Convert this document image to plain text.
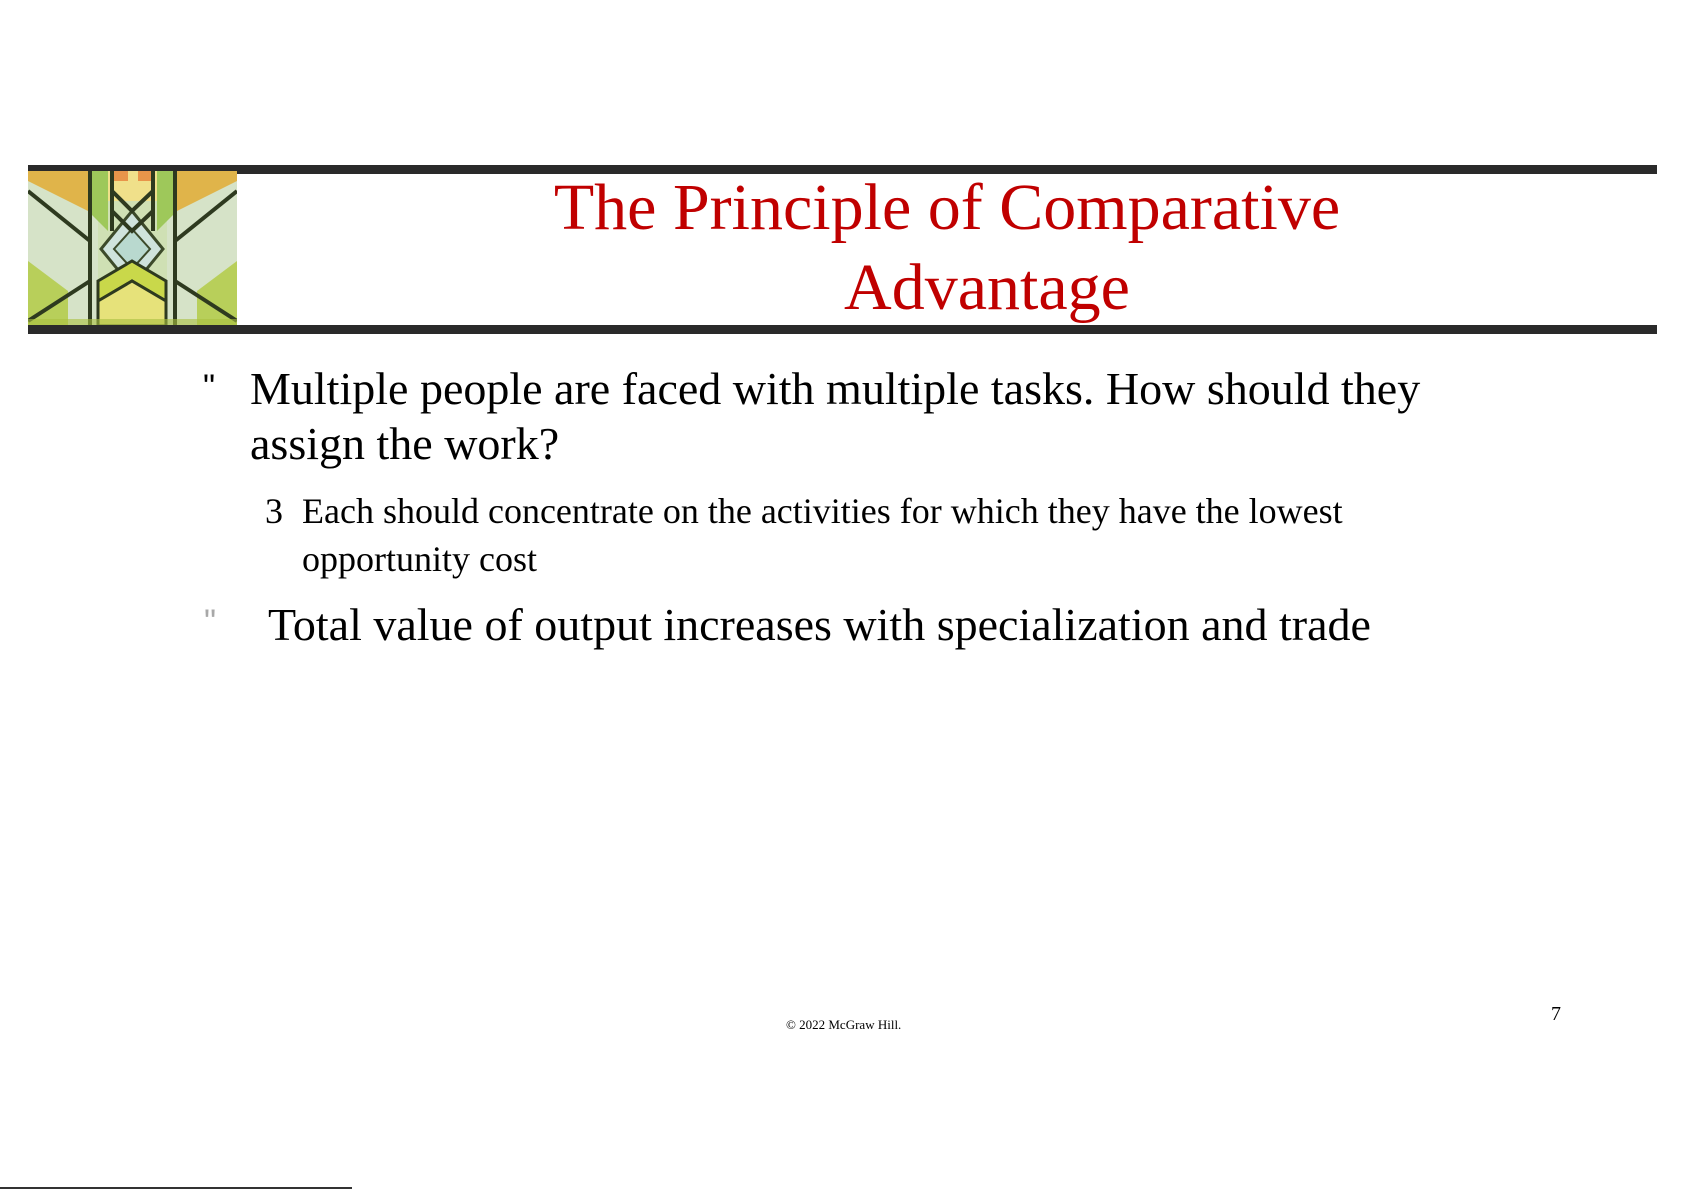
The Principle of Comparative
Advantage
" Multiple people are faced with multiple tasks. How should they assign the work?
3 Each should concentrate on the activities for which they have the lowest opportunity cost
" Total value of output increases with specialization and trade
7
© 2022 McGraw Hill.
